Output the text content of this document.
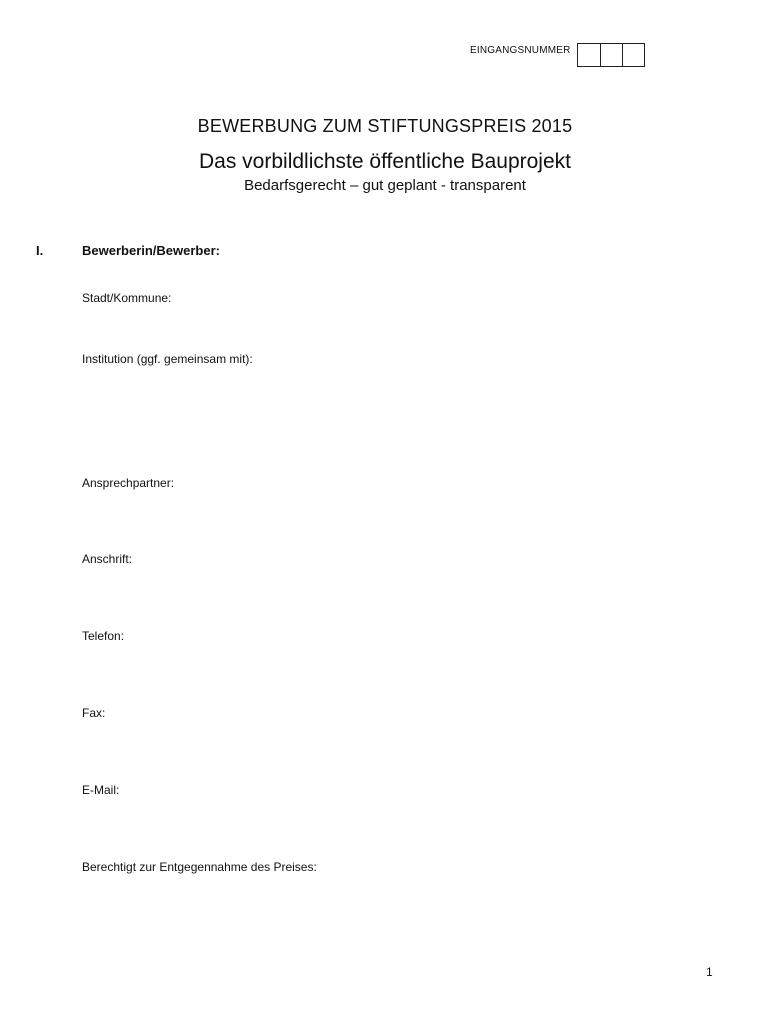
EINGANGSNUMMER
BEWERBUNG ZUM STIFTUNGSPREIS 2015
Das vorbildlichste öffentliche Bauprojekt
Bedarfsgerecht – gut geplant - transparent
I.	Bewerberin/Bewerber:
Stadt/Kommune:
Institution (ggf. gemeinsam mit):
Ansprechpartner:
Anschrift:
Telefon:
Fax:
E-Mail:
Berechtigt zur Entgegennahme des Preises:
1
